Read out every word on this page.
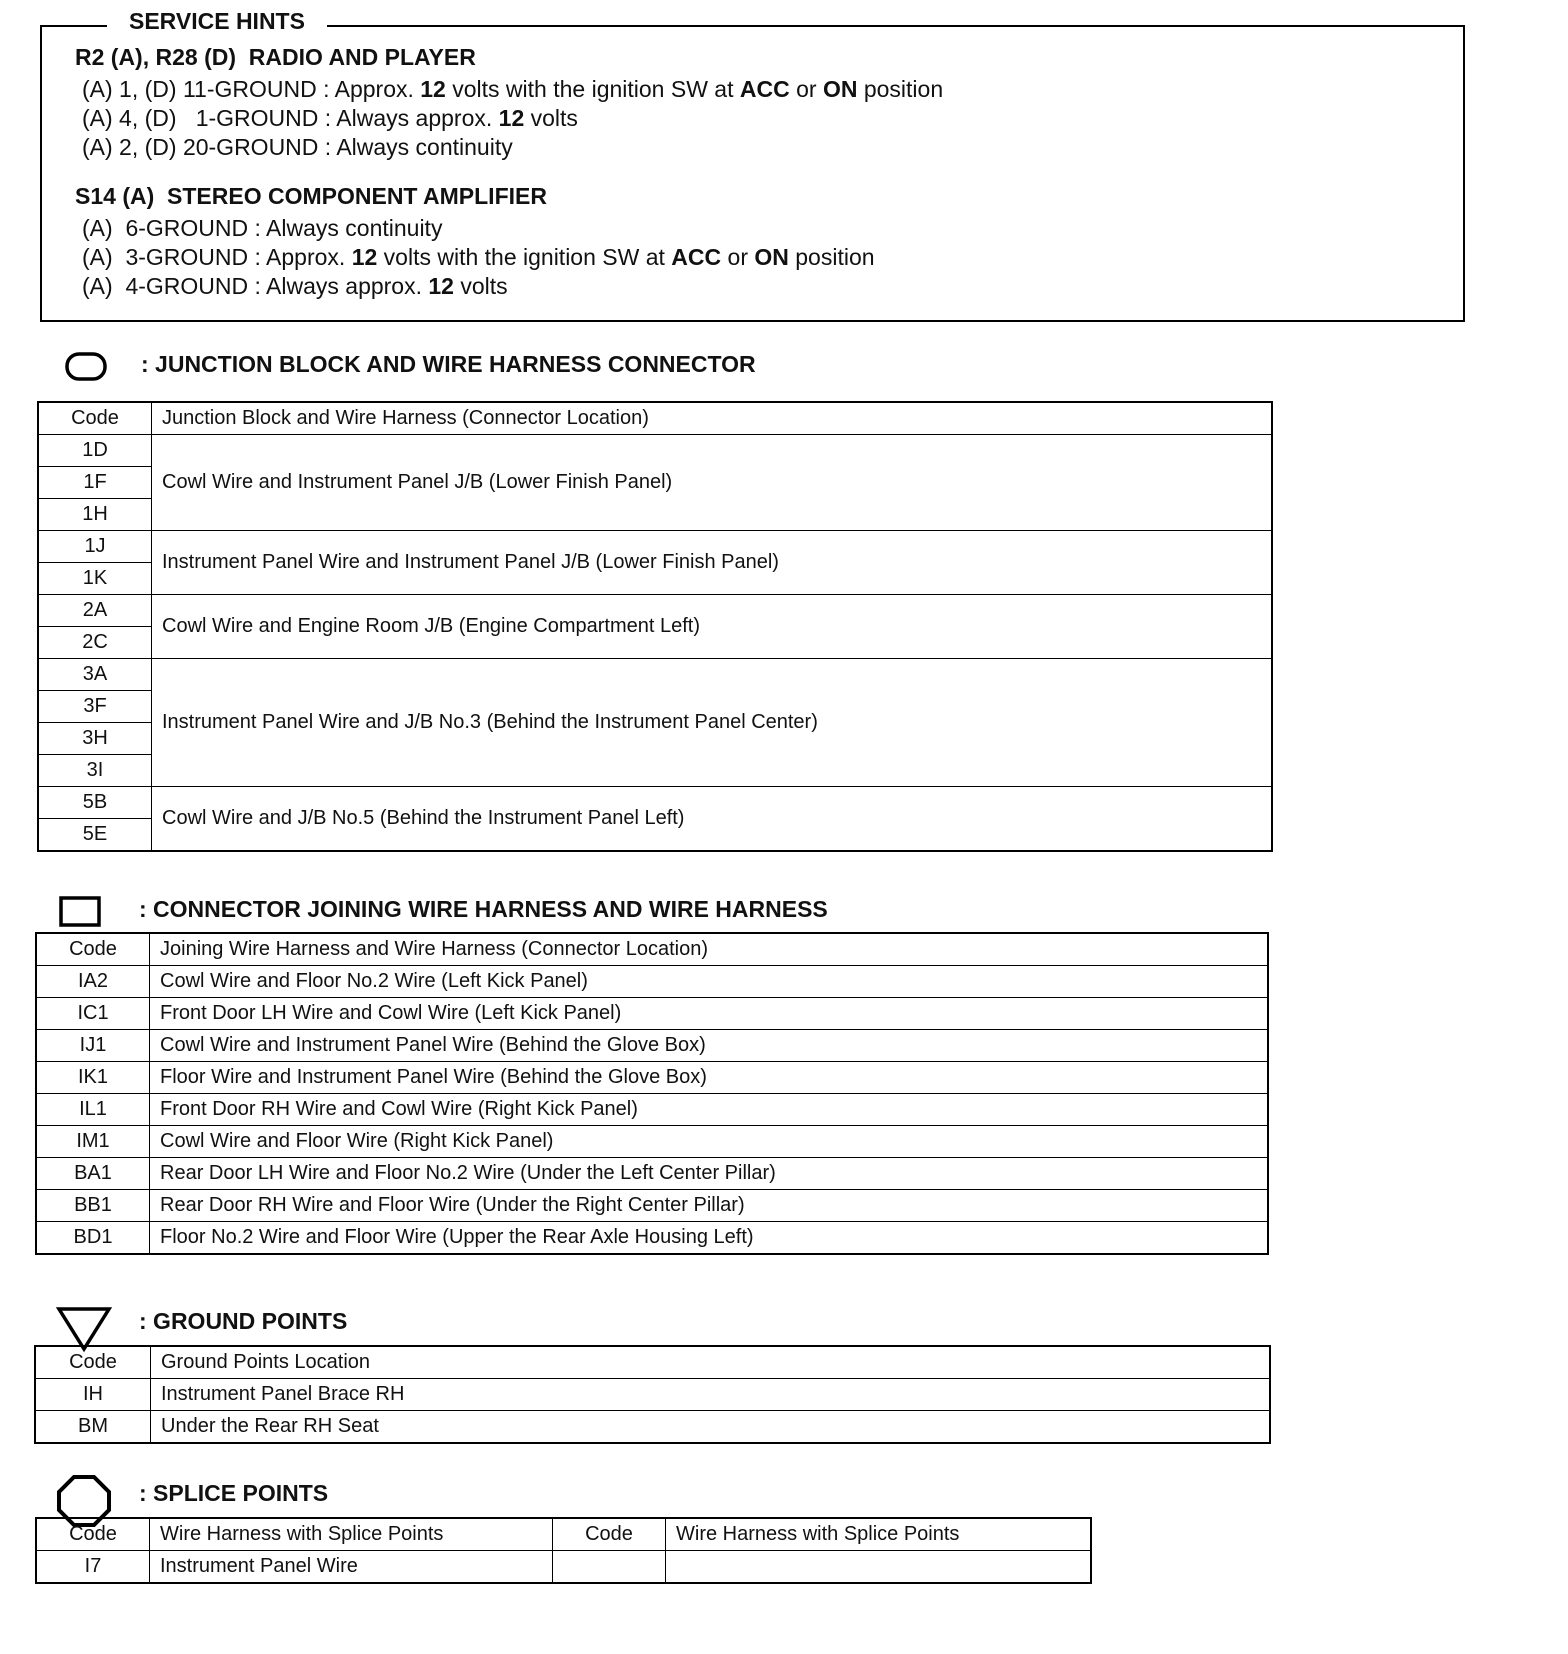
SERVICE HINTS
R2 (A), R28 (D)  RADIO AND PLAYER
(A) 1, (D) 11-GROUND : Approx. 12 volts with the ignition SW at ACC or ON position
(A) 4, (D)   1-GROUND : Always approx. 12 volts
(A) 2, (D) 20-GROUND : Always continuity
S14 (A)  STEREO COMPONENT AMPLIFIER
(A)  6-GROUND : Always continuity
(A)  3-GROUND : Approx. 12 volts with the ignition SW at ACC or ON position
(A)  4-GROUND : Always approx. 12 volts
: JUNCTION BLOCK AND WIRE HARNESS CONNECTOR
Code	Junction Block and Wire Harness (Connector Location)
1D	Cowl Wire and Instrument Panel J/B (Lower Finish Panel)
1F	
1H	
1J	Instrument Panel Wire and Instrument Panel J/B (Lower Finish Panel)
1K	
2A	Cowl Wire and Engine Room J/B (Engine Compartment Left)
2C	
3A	Instrument Panel Wire and J/B No.3 (Behind the Instrument Panel Center)
3F	
3H	
3I	
5B	Cowl Wire and J/B No.5 (Behind the Instrument Panel Left)
5E	
: CONNECTOR JOINING WIRE HARNESS AND WIRE HARNESS
Code	Joining Wire Harness and Wire Harness (Connector Location)
IA2	Cowl Wire and Floor No.2 Wire (Left Kick Panel)
IC1	Front Door LH Wire and Cowl Wire (Left Kick Panel)
IJ1	Cowl Wire and Instrument Panel Wire (Behind the Glove Box)
IK1	Floor Wire and Instrument Panel Wire (Behind the Glove Box)
IL1	Front Door RH Wire and Cowl Wire (Right Kick Panel)
IM1	Cowl Wire and Floor Wire (Right Kick Panel)
BA1	Rear Door LH Wire and Floor No.2 Wire (Under the Left Center Pillar)
BB1	Rear Door RH Wire and Floor Wire (Under the Right Center Pillar)
BD1	Floor No.2 Wire and Floor Wire (Upper the Rear Axle Housing Left)
: GROUND POINTS
Code	Ground Points Location
IH	Instrument Panel Brace RH
BM	Under the Rear RH Seat
: SPLICE POINTS
Code	Wire Harness with Splice Points	Code	Wire Harness with Splice Points
I7	Instrument Panel Wire		
